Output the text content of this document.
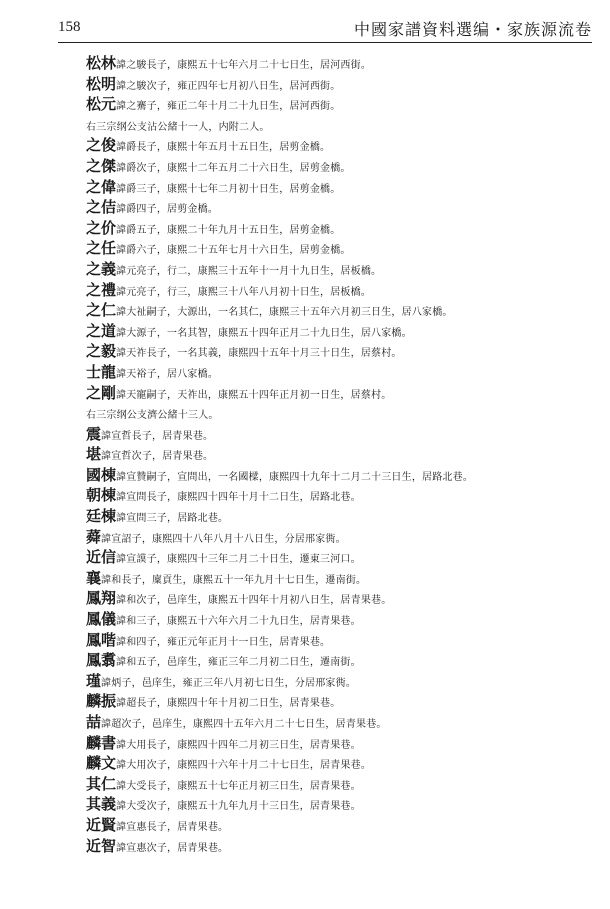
158	中國家譜資料選编・家族源流卷
松林諱之駿長子，康熙五十七年六月二十七日生，居河西街。
松明諱之駿次子，雍正四年七月初八日生，居河西街。
松元諱之騫子，雍正二年十月二十九日生，居河西街。
右三宗纲公支沾公緒十一人，内附二人。
之俊諱爵長子，康熙十年五月十五日生，居剪金橋。
之傑諱爵次子，康熙十二年五月二十六日生，居剪金橋。
之偉諱爵三子，康熙十七年二月初十日生，居剪金橋。
之佶諱爵四子，居剪金橋。
之价諱爵五子，康熙二十年九月十五日生，居剪金橋。
之任諱爵六子，康熙二十五年七月十六日生，居剪金橋。
之義諱元亮子，行二，康熙三十五年十一月十九日生，居板橋。
之禮諱元亮子，行三，康熙三十八年八月初十日生，居板橋。
之仁諱大祉嗣子，大源出，一名其仁，康熙三十五年六月初三日生，居八家橋。
之道諱大源子，一名其智，康熙五十四年正月二十九日生，居八家橋。
之毅諱天祚長子，一名其義，康熙四十五年十月三十日生，居蔡村。
士龍諱天裕子，居八家橋。
之剛諱天寵嗣子，天祚出，康熙五十四年正月初一日生，居蔡村。
右三宗纲公支濟公緒十三人。
震諱宣哲長子，居青果巷。
堪諱宣哲次子，居青果巷。
國棟諱宣贊嗣子，宣問出，一名國樑，康熙四十九年十二月二十三日生，居路北巷。
朝棟諱宣問長子，康熙四十四年十月十二日生，居路北巷。
廷棟諱宣問三子，居路北巷。
蕣諱宣詔子，康熙四十八年八月十八日生，分居邢家衖。
近信諱宣謨子，康熙四十三年二月二十日生，遷東三河口。
襄諱和長子，廩貢生，康熙五十一年九月十七日生，遷南街。
鳳翔諱和次子，邑庠生，康熙五十四年十月初八日生，居青果巷。
鳳儀諱和三子，康熙五十六年六月二十九日生，居青果巷。
鳳喈諱和四子，雍正元年正月十一日生，居青果巷。
鳳翥諱和五子，邑庠生，雍正三年二月初二日生，遷南街。
瑾諱炳子，邑庠生，雍正三年八月初七日生，分居邢家衖。
麟振諱超長子，康熙四十年十月初二日生，居青果巷。
喆諱超次子，邑庠生，康熙四十五年六月二十七日生，居青果巷。
麟書諱大用長子，康熙四十四年二月初三日生，居青果巷。
麟文諱大用次子，康熙四十六年十月二十七日生，居青果巷。
其仁諱大受長子，康熙五十七年正月初三日生，居青果巷。
其義諱大受次子，康熙五十九年九月十三日生，居青果巷。
近賢諱宣惠長子，居青果巷。
近智諱宣惠次子，居青果巷。
